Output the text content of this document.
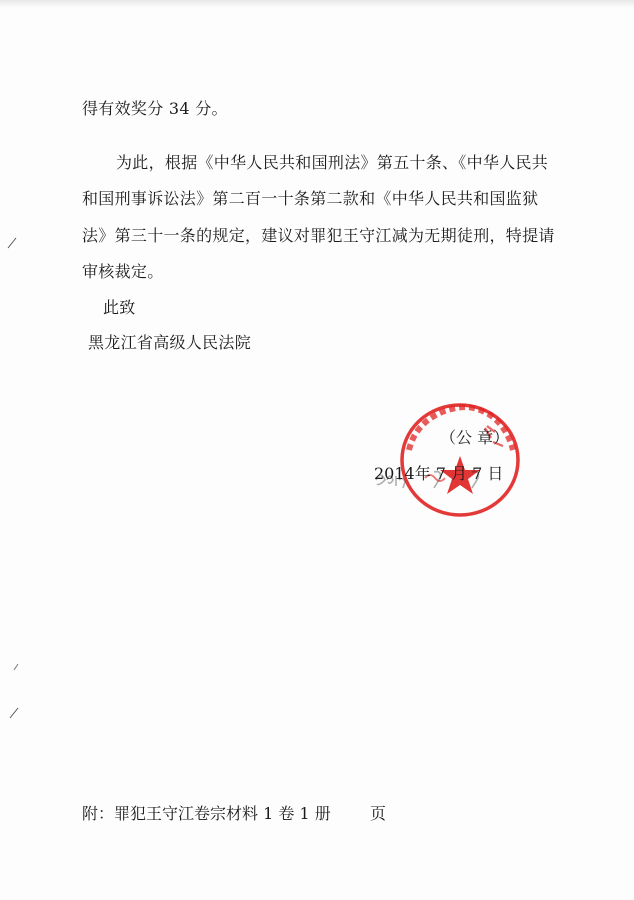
得有效奖分 34 分。
为此，根据《中华人民共和国刑法》第五十条、《中华人民共
和国刑事诉讼法》第二百一十条第二款和《中华人民共和国监狱
法》第三十一条的规定，建议对罪犯王守江减为无期徒刑，特提请
审核裁定。
此致
黑龙江省高级人民法院
（公 章）
2014年 7 月 7 日
附：罪犯王守江卷宗材料 1 卷 1 册 页
